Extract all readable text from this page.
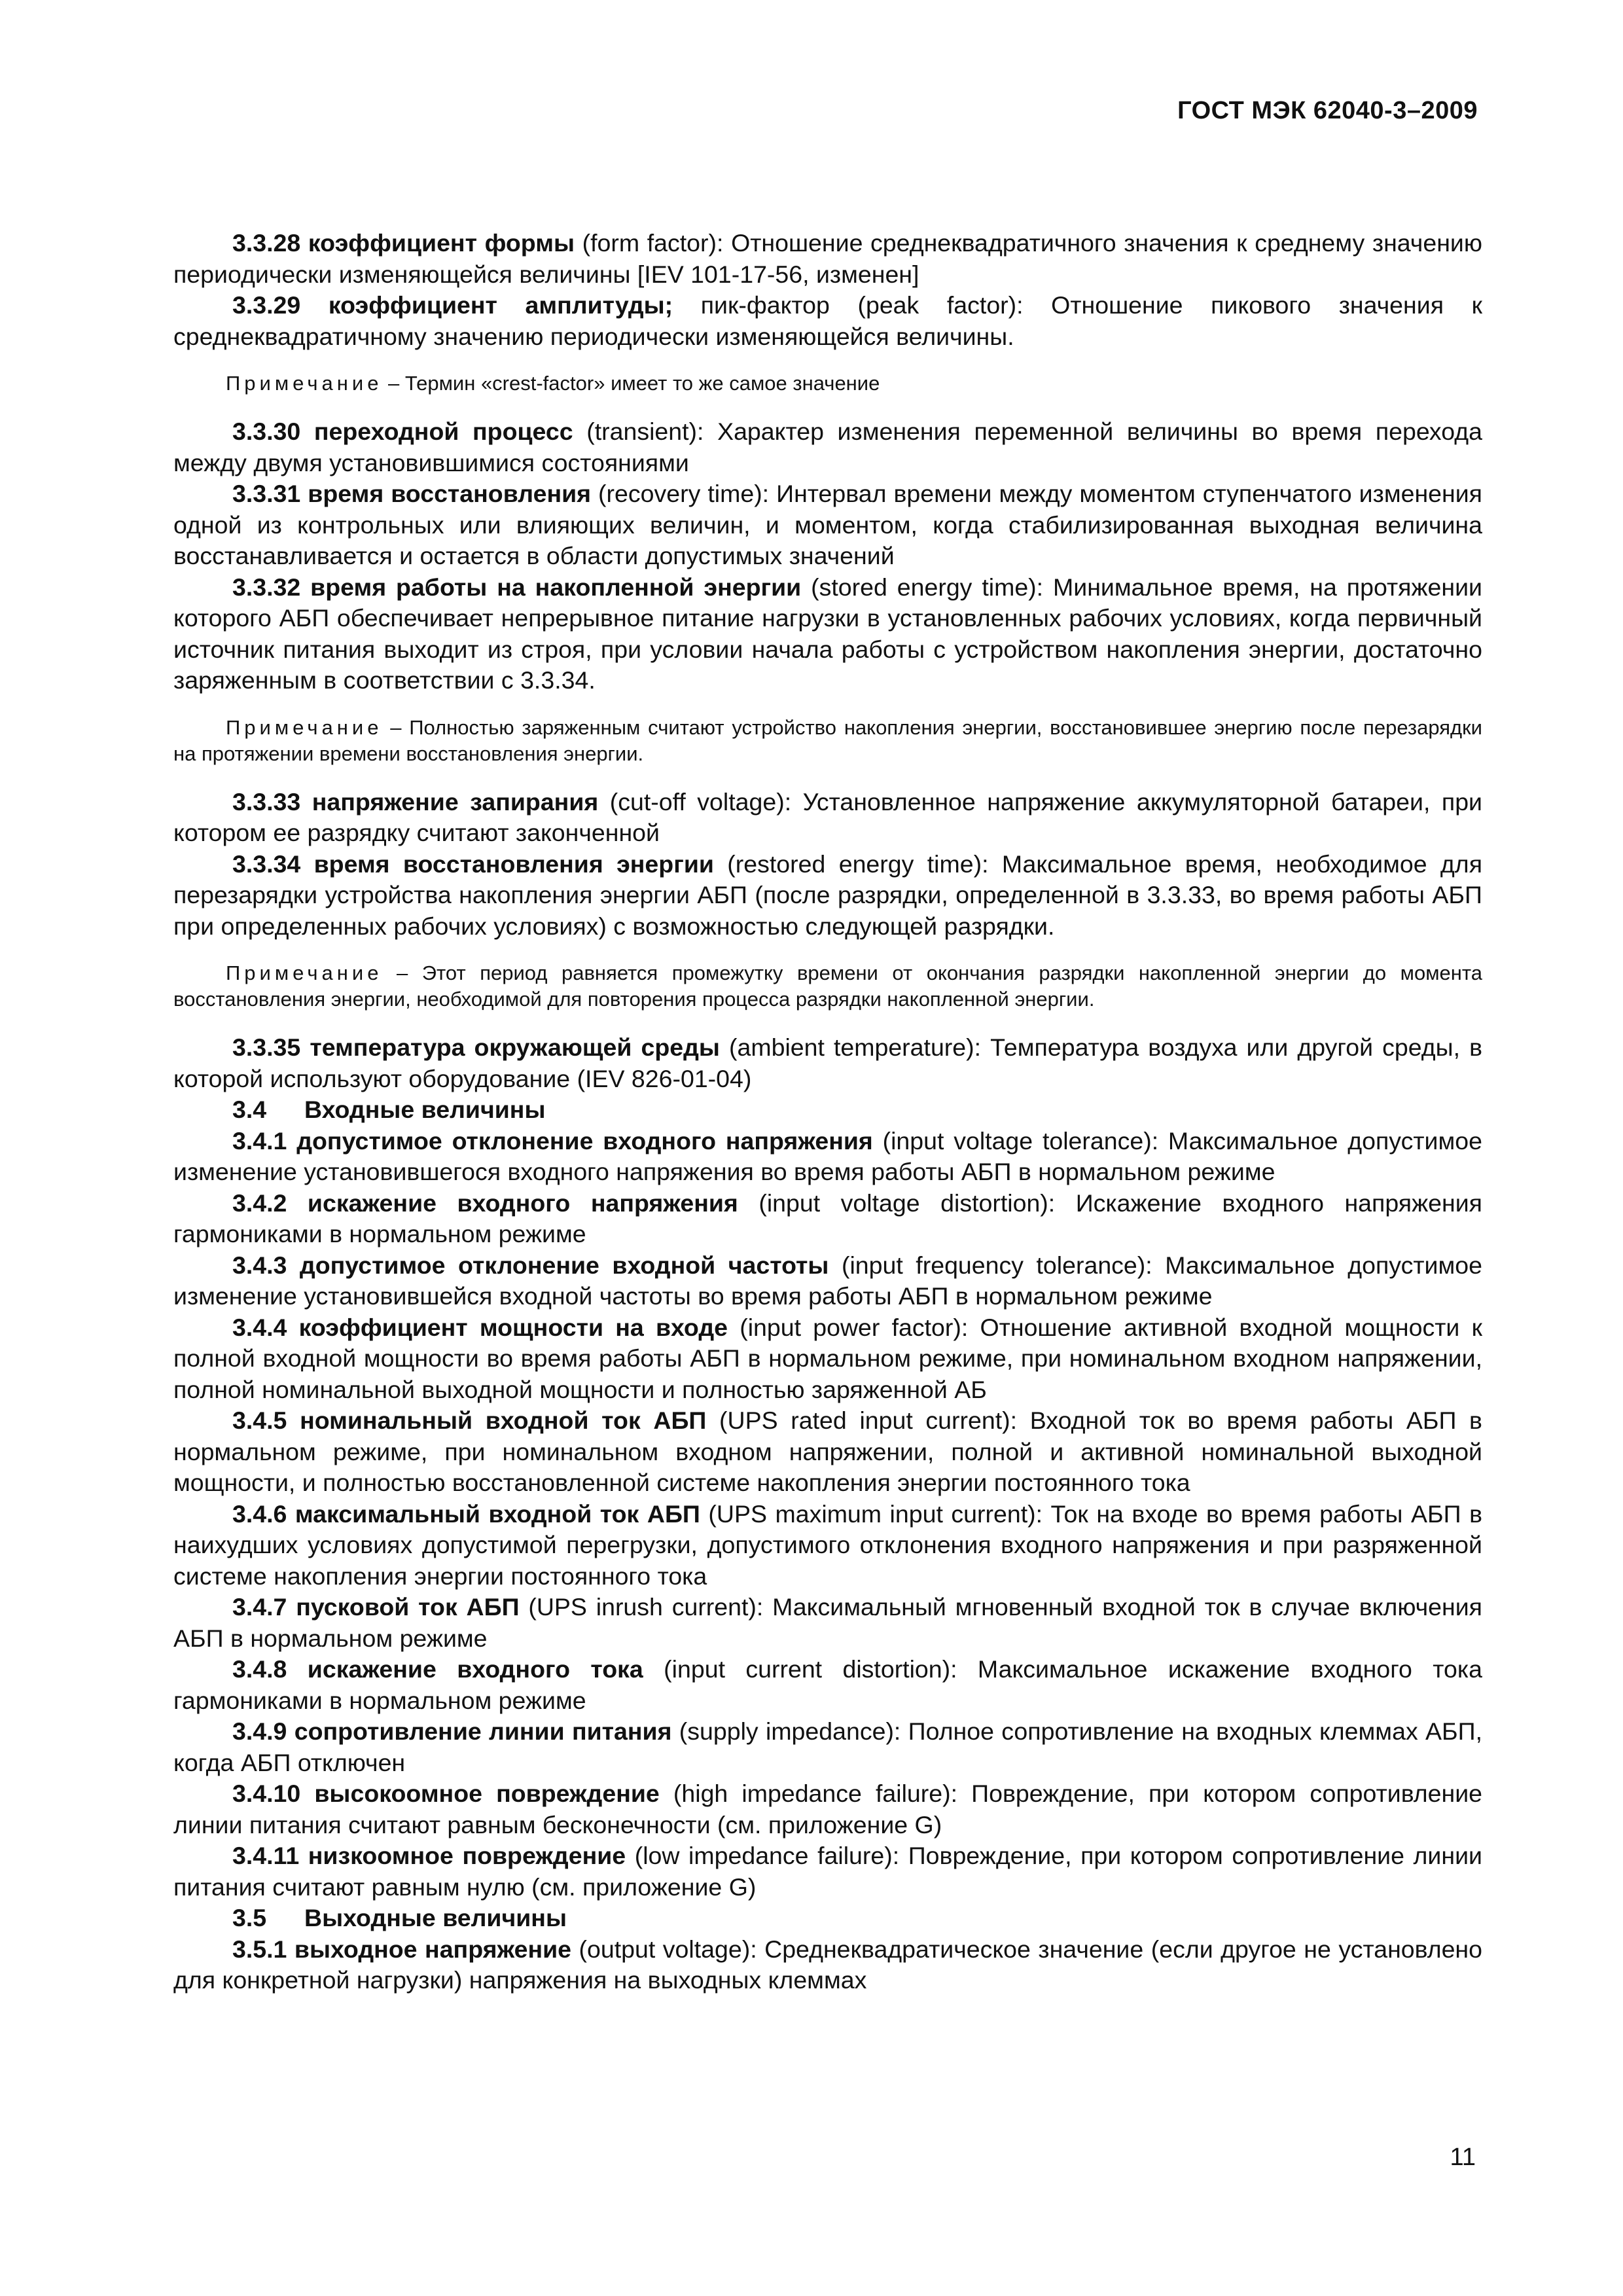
ГОСТ МЭК 62040-3–2009

3.3.28 коэффициент формы (form factor): Отношение среднеквадратичного значения к среднему значению периодически изменяющейся величины [IEV 101-17-56, изменен]

3.3.29 коэффициент амплитуды; пик-фактор (peak factor): Отношение пикового значения к среднеквадратичному значению периодически изменяющейся величины.

Примечание – Термин «crest-factor» имеет то же самое значение

3.3.30 переходной процесс (transient): Характер изменения переменной величины во время перехода между двумя установившимися состояниями

3.3.31 время восстановления (recovery time): Интервал времени между моментом ступенчатого изменения одной из контрольных или влияющих величин, и моментом, когда стабилизированная выходная величина восстанавливается и остается в области допустимых значений

3.3.32 время работы на накопленной энергии (stored energy time): Минимальное время, на протяжении которого АБП обеспечивает непрерывное питание нагрузки в установленных рабочих условиях, когда первичный источник питания выходит из строя, при условии начала работы с устройством накопления энергии, достаточно заряженным в соответствии с 3.3.34.

Примечание – Полностью заряженным считают устройство накопления энергии, восстановившее энергию после перезарядки на протяжении времени восстановления энергии.

3.3.33 напряжение запирания (cut-off voltage): Установленное напряжение аккумуляторной батареи, при котором ее разрядку считают законченной

3.3.34 время восстановления энергии (restored energy time): Максимальное время, необходимое для перезарядки устройства накопления энергии АБП (после разрядки, определенной в 3.3.33, во время работы АБП при определенных рабочих условиях) с возможностью следующей разрядки.

Примечание – Этот период равняется промежутку времени от окончания разрядки накопленной энергии до момента восстановления энергии, необходимой для повторения процесса разрядки накопленной энергии.

3.3.35 температура окружающей среды (ambient temperature): Температура воздуха или другой среды, в которой используют оборудование (IEV 826-01-04)

3.4 Входные величины

3.4.1 допустимое отклонение входного напряжения (input voltage tolerance): Максимальное допустимое изменение установившегося входного напряжения во время работы АБП в нормальном режиме

3.4.2 искажение входного напряжения (input voltage distortion): Искажение входного напряжения гармониками в нормальном режиме

3.4.3 допустимое отклонение входной частоты (input frequency tolerance): Максимальное допустимое изменение установившейся входной частоты во время работы АБП в нормальном режиме

3.4.4 коэффициент мощности на входе (input power factor): Отношение активной входной мощности к полной входной мощности во время работы АБП в нормальном режиме, при номинальном входном напряжении, полной номинальной выходной мощности и полностью заряженной АБ

3.4.5 номинальный входной ток АБП (UPS rated input current): Входной ток во время работы АБП в нормальном режиме, при номинальном входном напряжении, полной и активной номинальной выходной мощности, и полностью восстановленной системе накопления энергии постоянного тока

3.4.6 максимальный входной ток АБП (UPS maximum input current): Ток на входе во время работы АБП в наихудших условиях допустимой перегрузки, допустимого отклонения входного напряжения и при разряженной системе накопления энергии постоянного тока

3.4.7 пусковой ток АБП (UPS inrush current): Максимальный мгновенный входной ток в случае включения АБП в нормальном режиме

3.4.8 искажение входного тока (input current distortion): Максимальное искажение входного тока гармониками в нормальном режиме

3.4.9 сопротивление линии питания (supply impedance): Полное сопротивление на входных клеммах АБП, когда АБП отключен

3.4.10 высокоомное повреждение (high impedance failure): Повреждение, при котором сопротивление линии питания считают равным бесконечности (см. приложение G)

3.4.11 низкоомное повреждение (low impedance failure): Повреждение, при котором сопротивление линии питания считают равным нулю (см. приложение G)

3.5 Выходные величины

3.5.1 выходное напряжение (output voltage): Среднеквадратическое значение (если другое не установлено для конкретной нагрузки) напряжения на выходных клеммах

11
